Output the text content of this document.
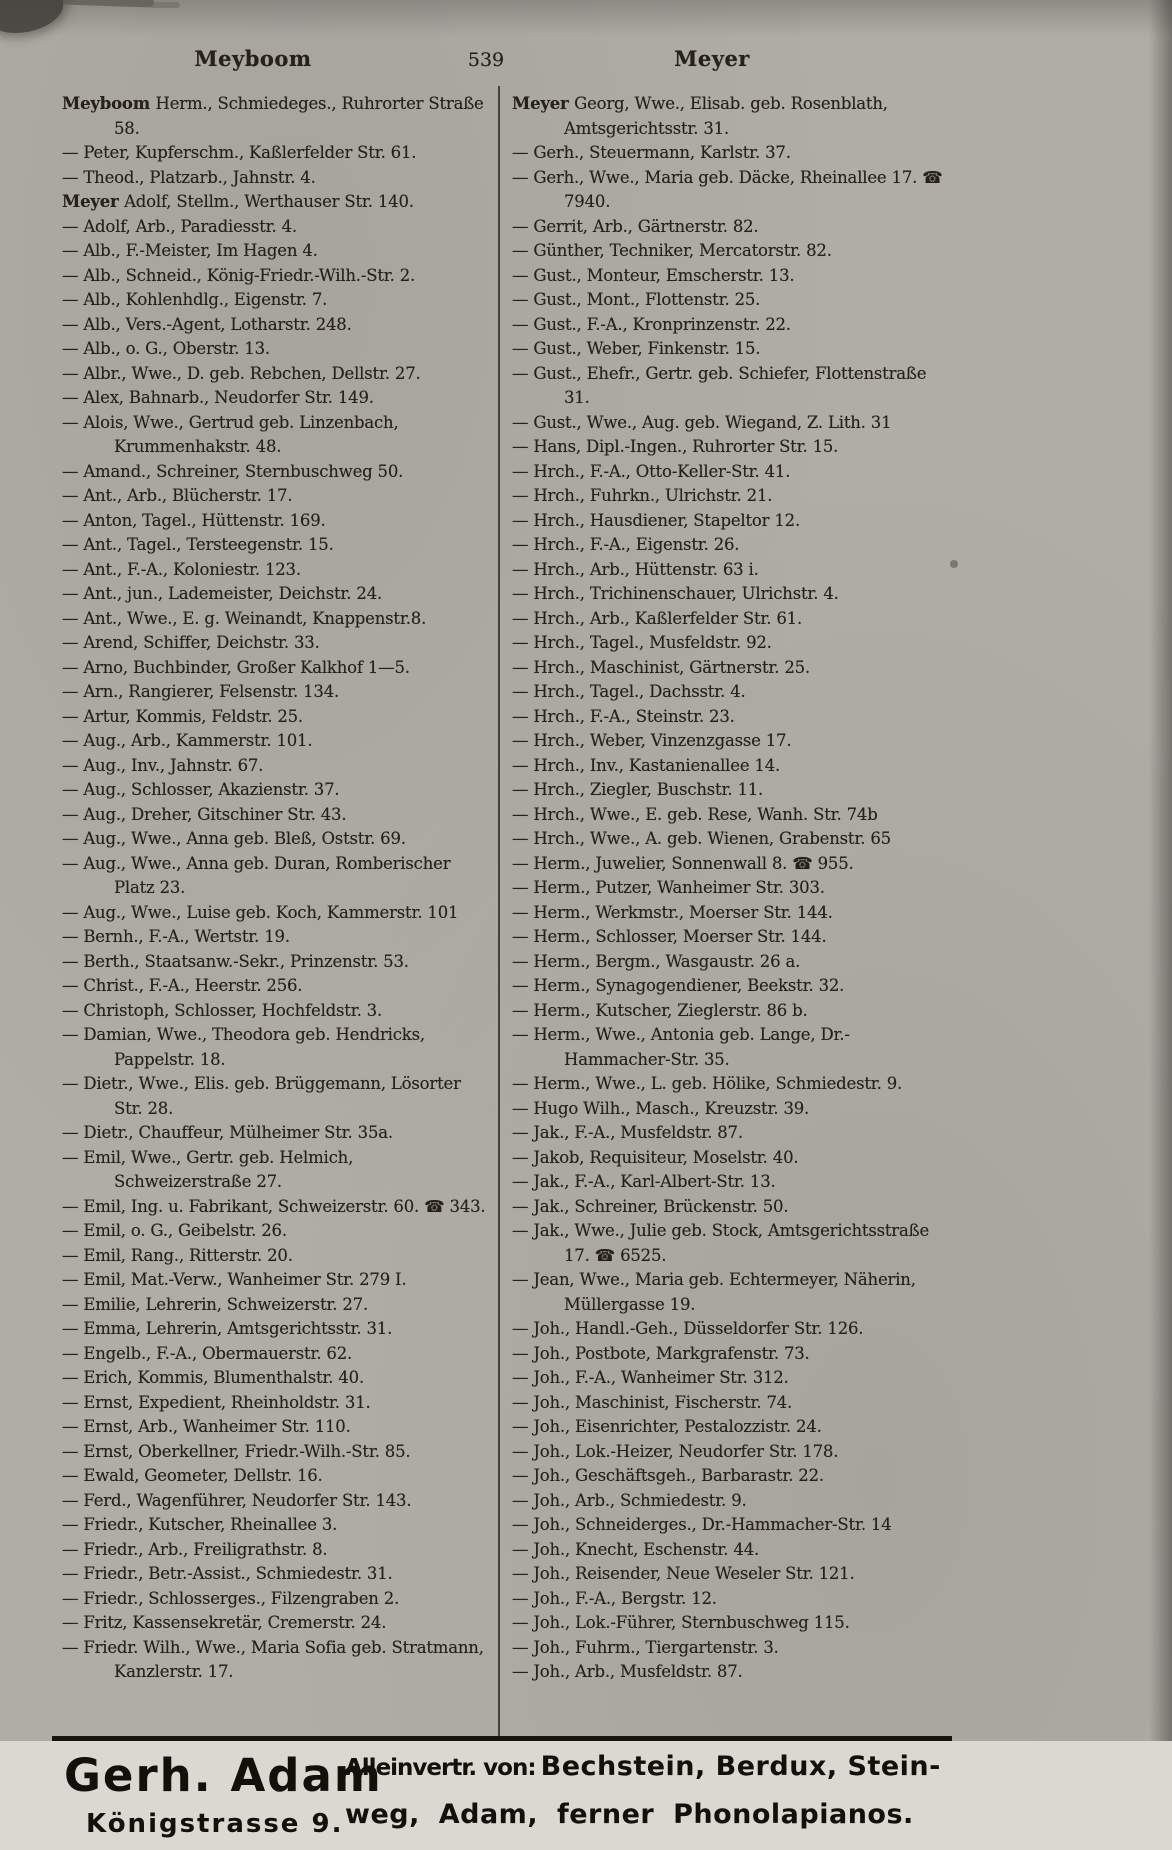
Meyboom	539	Meyer
Meyboom Herm., Schmiedeges., Ruhrorter Straße 58.
— Peter, Kupferschm., Kaßlerfelder Str. 61.
— Theod., Platzarb., Jahnstr. 4.
Meyer Adolf, Stellm., Werthauser Str. 140.
— Adolf, Arb., Paradiesstr. 4.
— Alb., F.-Meister, Im Hagen 4.
— Alb., Schneid., König-Friedr.-Wilh.-Str. 2.
— Alb., Kohlenhdlg., Eigenstr. 7.
— Alb., Vers.-Agent, Lotharstr. 248.
— Alb., o. G., Oberstr. 13.
— Albr., Wwe., D. geb. Rebchen, Dellstr. 27.
— Alex, Bahnarb., Neudorfer Str. 149.
— Alois, Wwe., Gertrud geb. Linzenbach, Krummenhakstr. 48.
— Amand., Schreiner, Sternbuschweg 50.
— Ant., Arb., Blücherstr. 17.
— Anton, Tagel., Hüttenstr. 169.
— Ant., Tagel., Tersteegenstr. 15.
— Ant., F.-A., Koloniestr. 123.
— Ant., jun., Lademeister, Deichstr. 24.
— Ant., Wwe., E. g. Weinandt, Knappenstr.8.
— Arend, Schiffer, Deichstr. 33.
— Arno, Buchbinder, Großer Kalkhof 1—5.
— Arn., Rangierer, Felsenstr. 134.
— Artur, Kommis, Feldstr. 25.
— Aug., Arb., Kammerstr. 101.
— Aug., Inv., Jahnstr. 67.
— Aug., Schlosser, Akazienstr. 37.
— Aug., Dreher, Gitschiner Str. 43.
— Aug., Wwe., Anna geb. Bleß, Oststr. 69.
— Aug., Wwe., Anna geb. Duran, Romberischer Platz 23.
— Aug., Wwe., Luise geb. Koch, Kammerstr. 101
— Bernh., F.-A., Wertstr. 19.
— Berth., Staatsanw.-Sekr., Prinzenstr. 53.
— Christ., F.-A., Heerstr. 256.
— Christoph, Schlosser, Hochfeldstr. 3.
— Damian, Wwe., Theodora geb. Hendricks, Pappelstr. 18.
— Dietr., Wwe., Elis. geb. Brüggemann, Lösorter Str. 28.
— Dietr., Chauffeur, Mülheimer Str. 35a.
— Emil, Wwe., Gertr. geb. Helmich, Schweizerstraße 27.
— Emil, Ing. u. Fabrikant, Schweizerstr. 60. ☎ 343.
— Emil, o. G., Geibelstr. 26.
— Emil, Rang., Ritterstr. 20.
— Emil, Mat.-Verw., Wanheimer Str. 279 I.
— Emilie, Lehrerin, Schweizerstr. 27.
— Emma, Lehrerin, Amtsgerichtsstr. 31.
— Engelb., F.-A., Obermauerstr. 62.
— Erich, Kommis, Blumenthalstr. 40.
— Ernst, Expedient, Rheinholdstr. 31.
— Ernst, Arb., Wanheimer Str. 110.
— Ernst, Oberkellner, Friedr.-Wilh.-Str. 85.
— Ewald, Geometer, Dellstr. 16.
— Ferd., Wagenführer, Neudorfer Str. 143.
— Friedr., Kutscher, Rheinallee 3.
— Friedr., Arb., Freiligrathstr. 8.
— Friedr., Betr.-Assist., Schmiedestr. 31.
— Friedr., Schlosserges., Filzengraben 2.
— Fritz, Kassensekretär, Cremerstr. 24.
— Friedr. Wilh., Wwe., Maria Sofia geb. Stratmann, Kanzlerstr. 17.
Meyer Georg, Wwe., Elisab. geb. Rosenblath, Amtsgerichtsstr. 31.
— Gerh., Steuermann, Karlstr. 37.
— Gerh., Wwe., Maria geb. Däcke, Rheinallee 17. ☎ 7940.
— Gerrit, Arb., Gärtnerstr. 82.
— Günther, Techniker, Mercatorstr. 82.
— Gust., Monteur, Emscherstr. 13.
— Gust., Mont., Flottenstr. 25.
— Gust., F.-A., Kronprinzenstr. 22.
— Gust., Weber, Finkenstr. 15.
— Gust., Ehefr., Gertr. geb. Schiefer, Flottenstraße 31.
— Gust., Wwe., Aug. geb. Wiegand, Z. Lith. 31
— Hans, Dipl.-Ingen., Ruhrorter Str. 15.
— Hrch., F.-A., Otto-Keller-Str. 41.
— Hrch., Fuhrkn., Ulrichstr. 21.
— Hrch., Hausdiener, Stapeltor 12.
— Hrch., F.-A., Eigenstr. 26.
— Hrch., Arb., Hüttenstr. 63 i.
— Hrch., Trichinenschauer, Ulrichstr. 4.
— Hrch., Arb., Kaßlerfelder Str. 61.
— Hrch., Tagel., Musfeldstr. 92.
— Hrch., Maschinist, Gärtnerstr. 25.
— Hrch., Tagel., Dachsstr. 4.
— Hrch., F.-A., Steinstr. 23.
— Hrch., Weber, Vinzenzgasse 17.
— Hrch., Inv., Kastanienallee 14.
— Hrch., Ziegler, Buschstr. 11.
— Hrch., Wwe., E. geb. Rese, Wanh. Str. 74b
— Hrch., Wwe., A. geb. Wienen, Grabenstr. 65
— Herm., Juwelier, Sonnenwall 8. ☎ 955.
— Herm., Putzer, Wanheimer Str. 303.
— Herm., Werkmstr., Moerser Str. 144.
— Herm., Schlosser, Moerser Str. 144.
— Herm., Bergm., Wasgaustr. 26 a.
— Herm., Synagogendiener, Beekstr. 32.
— Herm., Kutscher, Zieglerstr. 86 b.
— Herm., Wwe., Antonia geb. Lange, Dr.-Hammacher-Str. 35.
— Herm., Wwe., L. geb. Hölike, Schmiedestr. 9.
— Hugo Wilh., Masch., Kreuzstr. 39.
— Jak., F.-A., Musfeldstr. 87.
— Jakob, Requisiteur, Moselstr. 40.
— Jak., F.-A., Karl-Albert-Str. 13.
— Jak., Schreiner, Brückenstr. 50.
— Jak., Wwe., Julie geb. Stock, Amtsgerichtsstraße 17. ☎ 6525.
— Jean, Wwe., Maria geb. Echtermeyer, Näherin, Müllergasse 19.
— Joh., Handl.-Geh., Düsseldorfer Str. 126.
— Joh., Postbote, Markgrafenstr. 73.
— Joh., F.-A., Wanheimer Str. 312.
— Joh., Maschinist, Fischerstr. 74.
— Joh., Eisenrichter, Pestalozzistr. 24.
— Joh., Lok.-Heizer, Neudorfer Str. 178.
— Joh., Geschäftsgeh., Barbarastr. 22.
— Joh., Arb., Schmiedestr. 9.
— Joh., Schneiderges., Dr.-Hammacher-Str. 14
— Joh., Knecht, Eschenstr. 44.
— Joh., Reisender, Neue Weseler Str. 121.
— Joh., F.-A., Bergstr. 12.
— Joh., Lok.-Führer, Sternbuschweg 115.
— Joh., Fuhrm., Tiergartenstr. 3.
— Joh., Arb., Musfeldstr. 87.
Gerh. Adam
Königstrasse 9.
Alleinvertr. von: Bechstein, Berdux, Stein-
weg, Adam, ferner Phonolapianos.
